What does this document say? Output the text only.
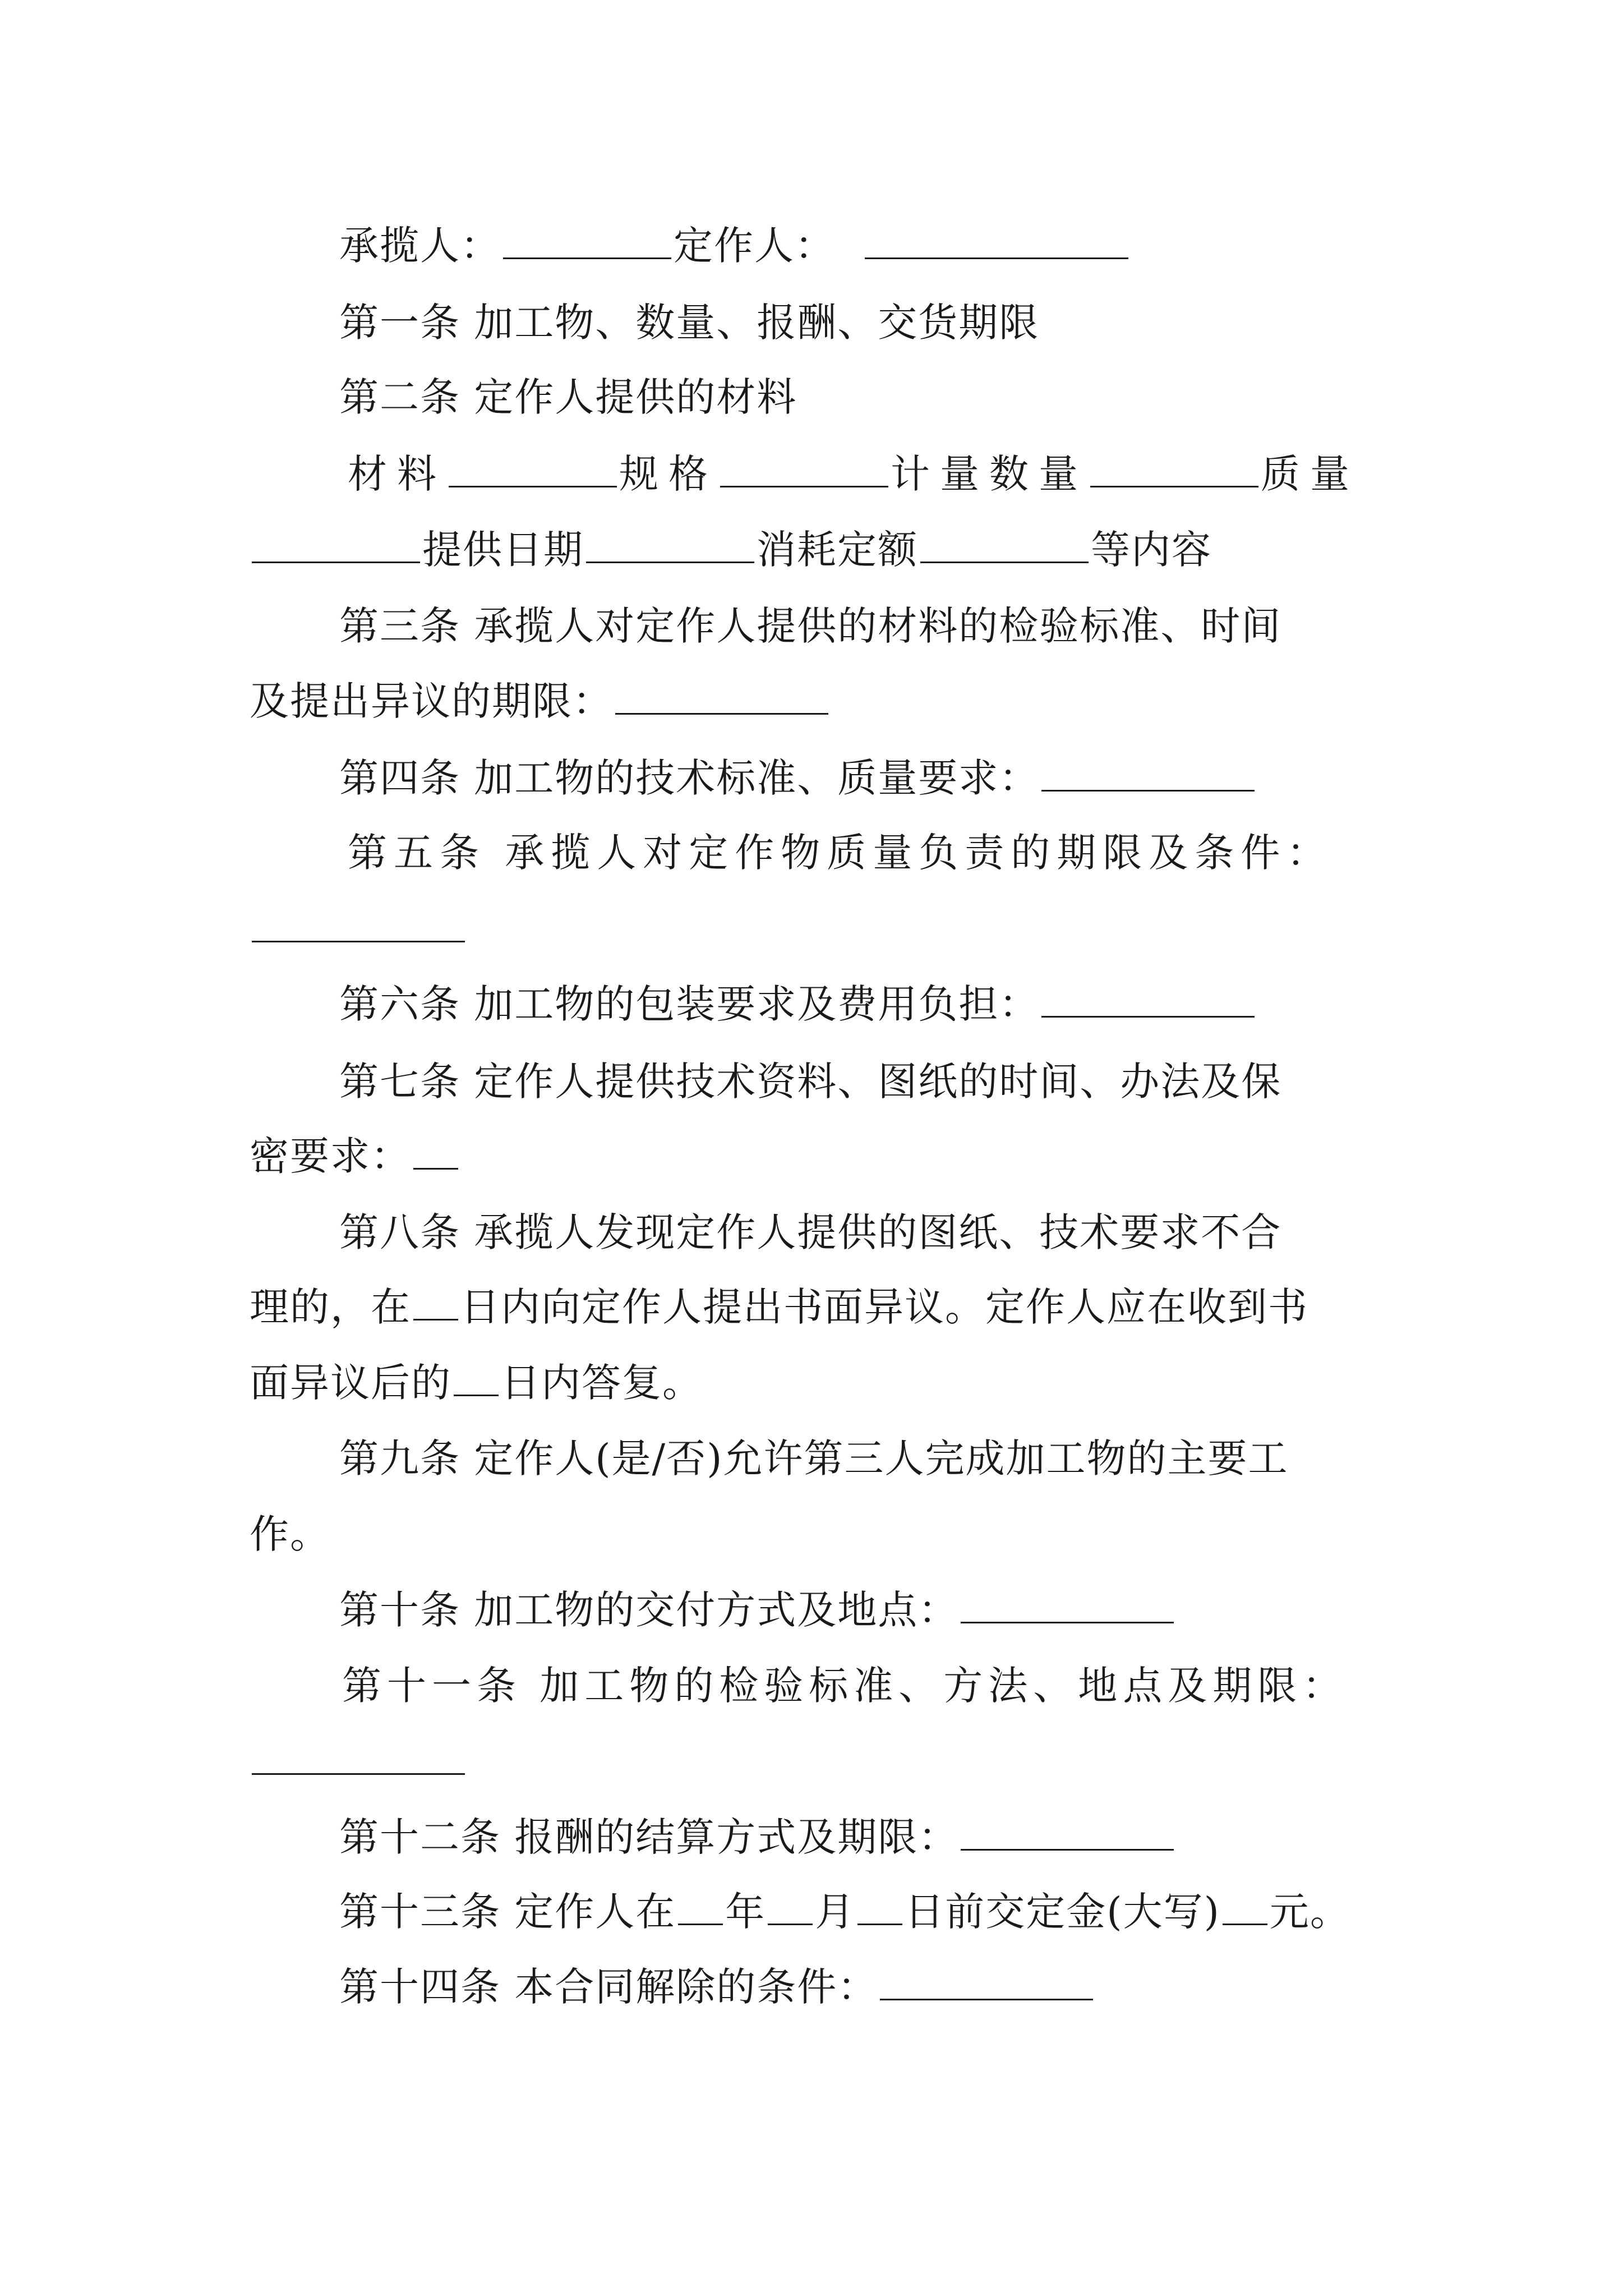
承揽人：	定作人：
第一条 加工物、数量、报酬、交货期限
第二条 定作人提供的材料
材料	规格	计量数量	质量
提供日期	消耗定额	等内容
第三条 承揽人对定作人提供的材料的检验标准、时间
及提出异议的期限：
第四条 加工物的技术标准、质量要求：
第五条 承揽人对定作物质量负责的期限及条件：
第六条 加工物的包装要求及费用负担：
第七条 定作人提供技术资料、图纸的时间、办法及保
密要求：
第八条 承揽人发现定作人提供的图纸、技术要求不合
理的，在 日内向定作人提出书面异议。定作人应在收到书
面异议后的 日内答复。
第九条 定作人(是/否)允许第三人完成加工物的主要工
作。
第十条 加工物的交付方式及地点：
第十一条 加工物的检验标准、方法、地点及期限：
第十二条 报酬的结算方式及期限：
第十三条 定作人在 年 月 日前交定金(大写) 元。
第十四条 本合同解除的条件：
